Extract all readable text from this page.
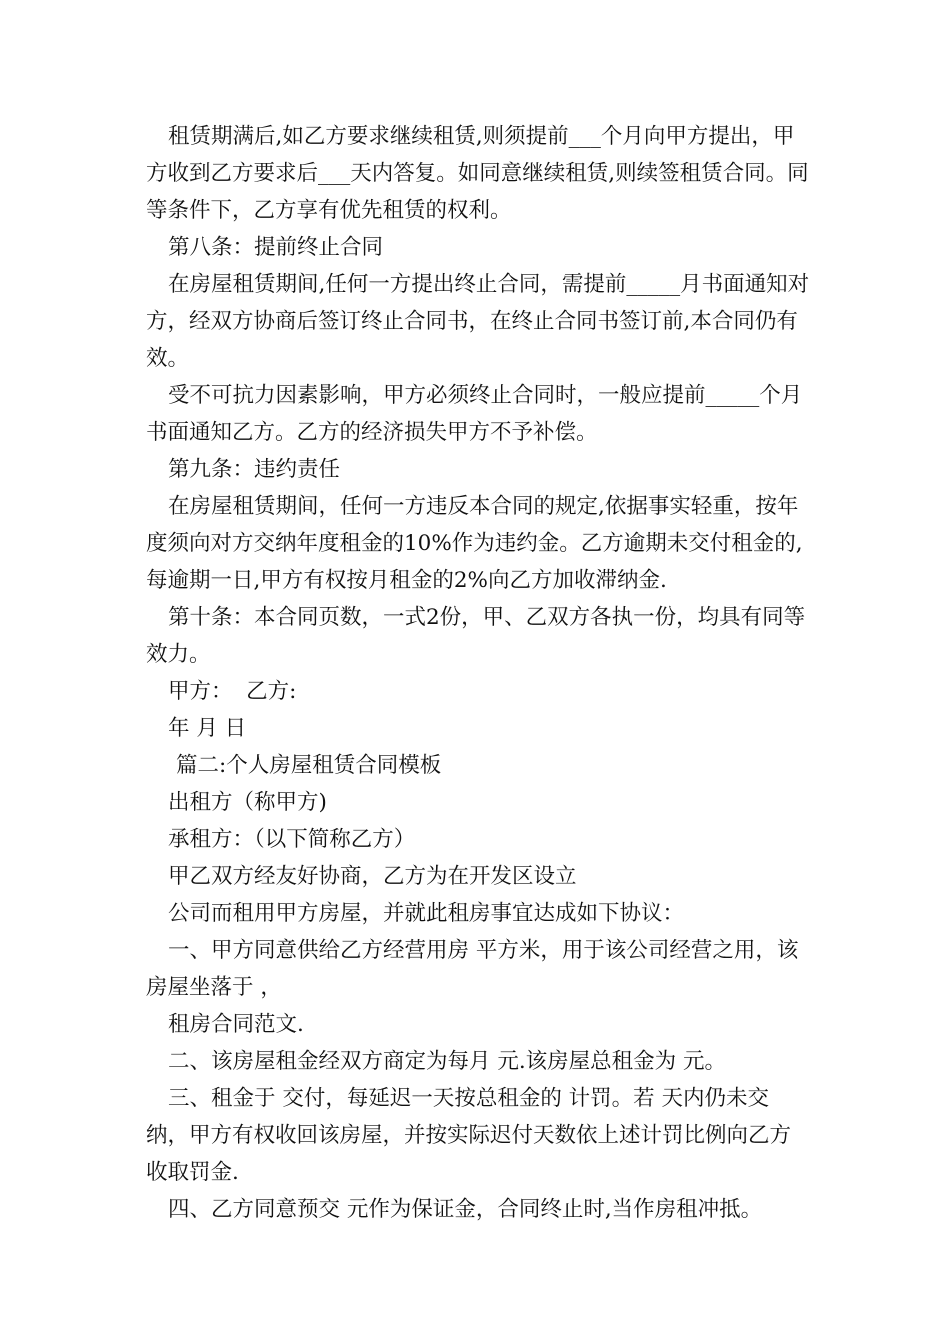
租赁期满后,如乙方要求继续租赁,则须提前___个月向甲方提出，甲方收到乙方要求后___天内答复。如同意继续租赁,则续签租赁合同。同等条件下，乙方享有优先租赁的权利。

第八条：提前终止合同

在房屋租赁期间,任何一方提出终止合同，需提前_____月书面通知对方，经双方协商后签订终止合同书，在终止合同书签订前,本合同仍有效。

受不可抗力因素影响，甲方必须终止合同时，一般应提前_____个月书面通知乙方。乙方的经济损失甲方不予补偿。

第九条：违约责任

在房屋租赁期间，任何一方违反本合同的规定,依据事实轻重，按年度须向对方交纳年度租金的10%作为违约金。乙方逾期未交付租金的,每逾期一日,甲方有权按月租金的2%向乙方加收滞纳金.

第十条：本合同页数，一式2份，甲、乙双方各执一份，均具有同等效力。

甲方：  乙方:

年 月 日

篇二:个人房屋租赁合同模板

出租方（称甲方)

承租方：（以下简称乙方）

甲乙双方经友好协商，乙方为在开发区设立

公司而租用甲方房屋，并就此租房事宜达成如下协议：

一、甲方同意供给乙方经营用房 平方米，用于该公司经营之用，该房屋坐落于 ，

租房合同范文.

二、该房屋租金经双方商定为每月 元.该房屋总租金为 元。

三、租金于 交付，每延迟一天按总租金的 计罚。若 天内仍未交纳，甲方有权收回该房屋，并按实际迟付天数依上述计罚比例向乙方收取罚金.

四、乙方同意预交 元作为保证金，合同终止时,当作房租冲抵。
